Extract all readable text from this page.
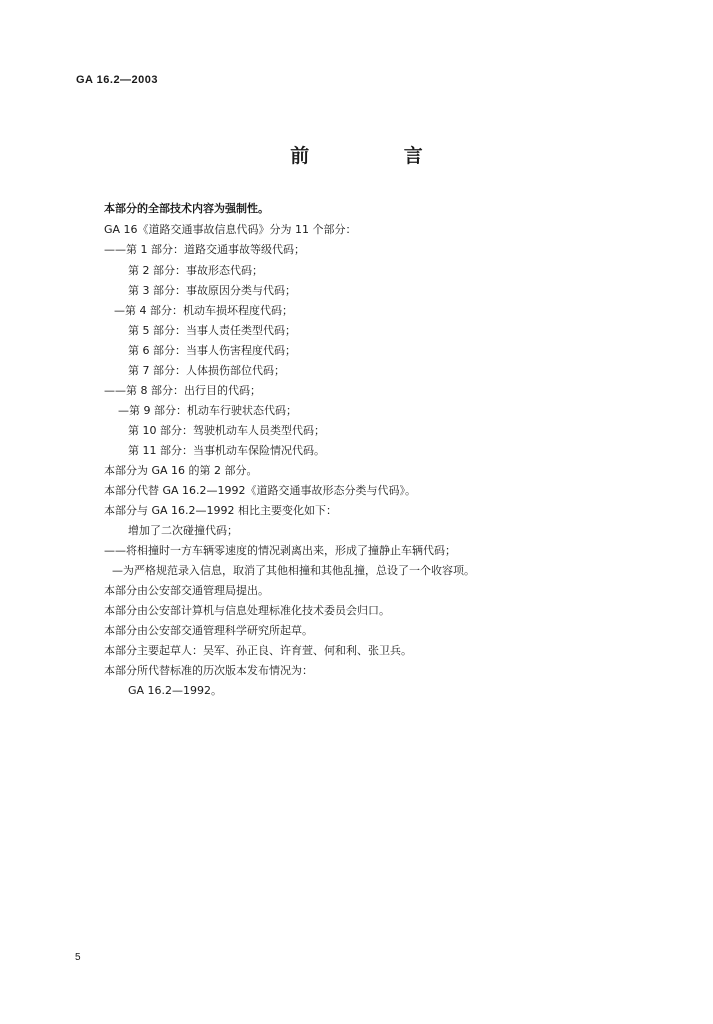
GA 16.2—2003
前 言
本部分的全部技术内容为强制性。
GA 16《道路交通事故信息代码》分为 11 个部分：
——第 1 部分：道路交通事故等级代码；
第 2 部分：事故形态代码；
第 3 部分：事故原因分类与代码；
—第 4 部分：机动车损坏程度代码；
第 5 部分：当事人责任类型代码；
第 6 部分：当事人伤害程度代码；
第 7 部分：人体损伤部位代码；
——第 8 部分：出行目的代码；
—第 9 部分：机动车行驶状态代码；
第 10 部分：驾驶机动车人员类型代码；
第 11 部分：当事机动车保险情况代码。
本部分为 GA 16 的第 2 部分。
本部分代替 GA 16.2—1992《道路交通事故形态分类与代码》。
本部分与 GA 16.2—1992 相比主要变化如下：
增加了二次碰撞代码；
——将相撞时一方车辆零速度的情况剥离出来，形成了撞静止车辆代码；
—为严格规范录入信息，取消了其他相撞和其他乱撞，总设了一个收容项。
本部分由公安部交通管理局提出。
本部分由公安部计算机与信息处理标准化技术委员会归口。
本部分由公安部交通管理科学研究所起草。
本部分主要起草人：吴军、孙正良、许育萱、何和利、张卫兵。
本部分所代替标准的历次版本发布情况为：
GA 16.2—1992。
5
